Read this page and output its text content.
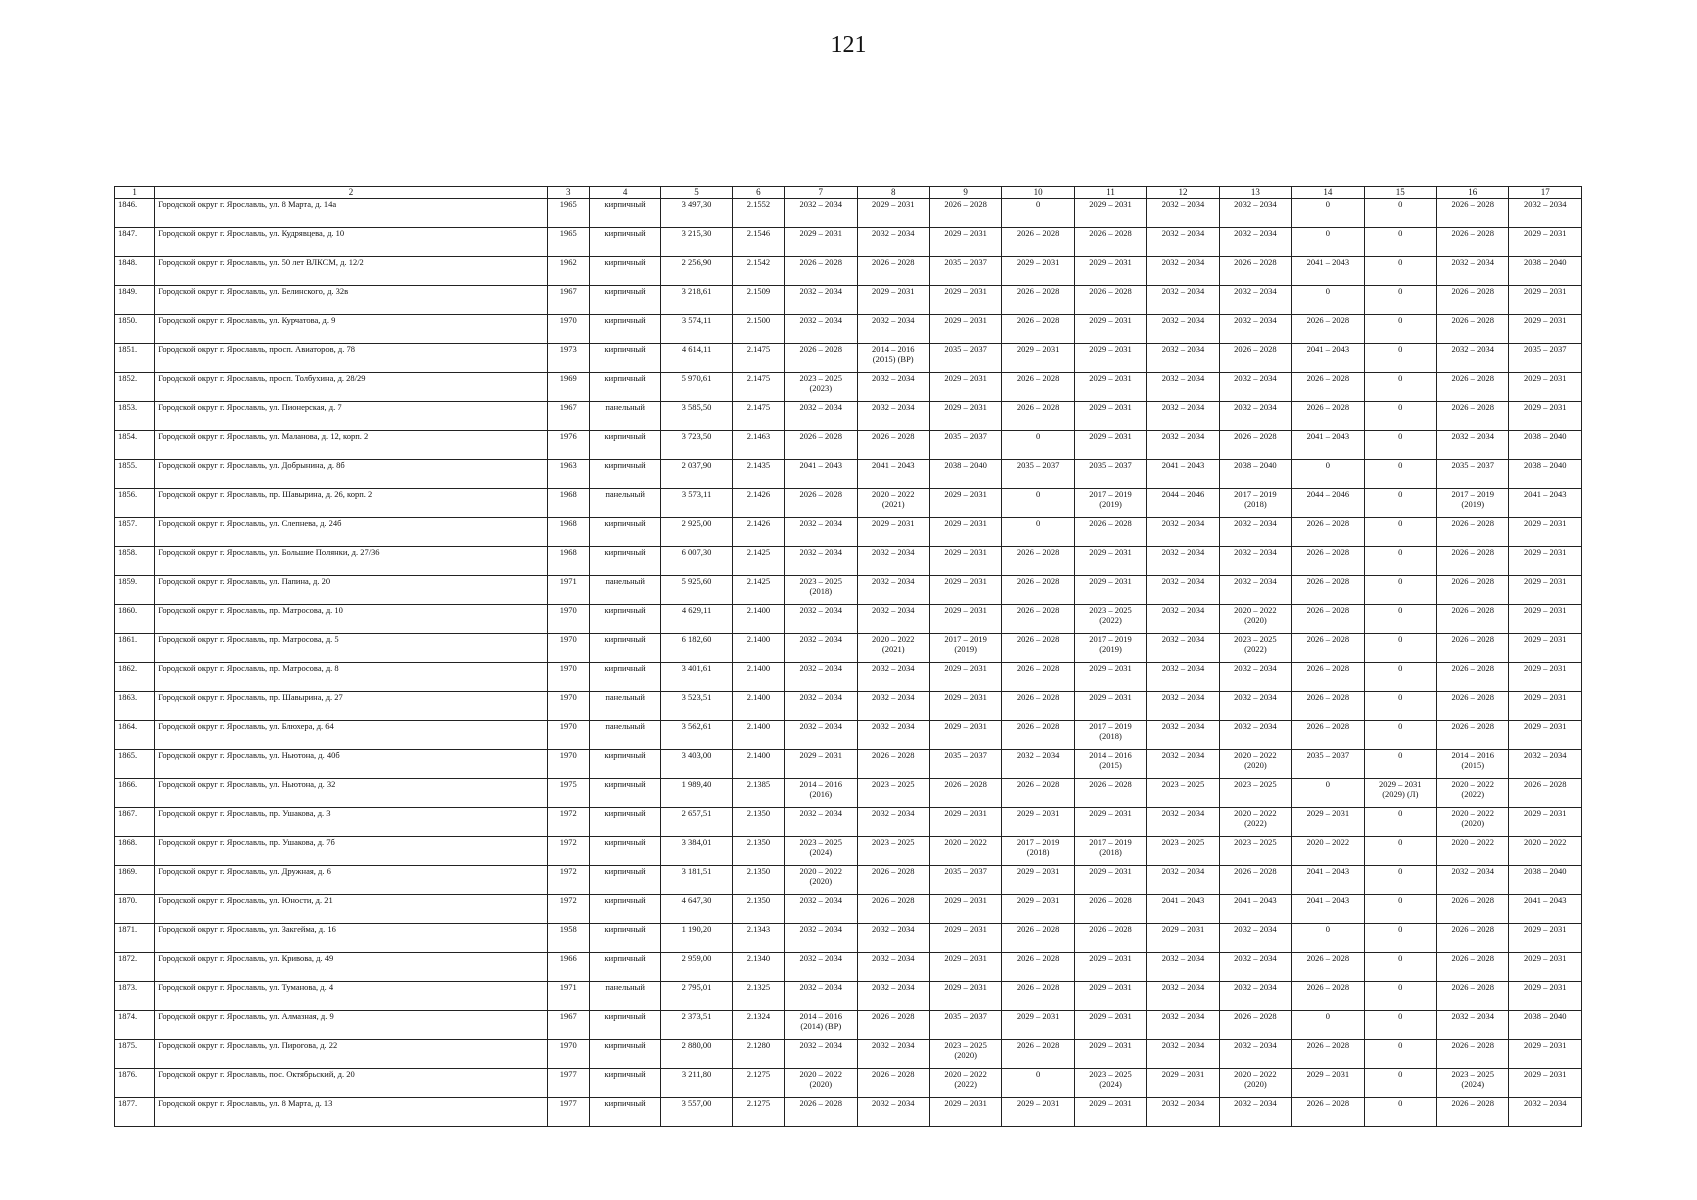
121
1	2	3	4	5	6	7	8	9	10	11	12	13	14	15	16	17

1846.	Городской округ г. Ярославль, ул. 8 Марта, д. 14а	1965	кирпичный	3 497,30	2.1552	2032 – 2034	2029 – 2031	2026 – 2028	0	2029 – 2031	2032 – 2034	2032 – 2034	0	0	2026 – 2028	2032 – 2034

1847.	Городской округ г. Ярославль, ул. Кудрявцева, д. 10	1965	кирпичный	3 215,30	2.1546	2029 – 2031	2032 – 2034	2029 – 2031	2026 – 2028	2026 – 2028	2032 – 2034	2032 – 2034	0	0	2026 – 2028	2029 – 2031

1848.	Городской округ г. Ярославль, ул. 50 лет ВЛКСМ, д. 12/2	1962	кирпичный	2 256,90	2.1542	2026 – 2028	2026 – 2028	2035 – 2037	2029 – 2031	2029 – 2031	2032 – 2034	2026 – 2028	2041 – 2043	0	2032 – 2034	2038 – 2040

1849.	Городской округ г. Ярославль, ул. Белинского, д. 32в	1967	кирпичный	3 218,61	2.1509	2032 – 2034	2029 – 2031	2029 – 2031	2026 – 2028	2026 – 2028	2032 – 2034	2032 – 2034	0	0	2026 – 2028	2029 – 2031

1850.	Городской округ г. Ярославль, ул. Курчатова, д. 9	1970	кирпичный	3 574,11	2.1500	2032 – 2034	2032 – 2034	2029 – 2031	2026 – 2028	2029 – 2031	2032 – 2034	2032 – 2034	2026 – 2028	0	2026 – 2028	2029 – 2031

1851.	Городской округ г. Ярославль, просп. Авиаторов, д. 78	1973	кирпичный	4 614,11	2.1475	2026 – 2028	2014 – 2016
(2015) (ВР)	2035 – 2037	2029 – 2031	2029 – 2031	2032 – 2034	2026 – 2028	2041 – 2043	0	2032 – 2034	2035 – 2037

1852.	Городской округ г. Ярославль, просп. Толбухина, д. 28/29	1969	кирпичный	5 970,61	2.1475	2023 – 2025
(2023)	2032 – 2034	2029 – 2031	2026 – 2028	2029 – 2031	2032 – 2034	2032 – 2034	2026 – 2028	0	2026 – 2028	2029 – 2031

1853.	Городской округ г. Ярославль, ул. Пионерская, д. 7	1967	панельный	3 585,50	2.1475	2032 – 2034	2032 – 2034	2029 – 2031	2026 – 2028	2029 – 2031	2032 – 2034	2032 – 2034	2026 – 2028	0	2026 – 2028	2029 – 2031

1854.	Городской округ г. Ярославль, ул. Маланова, д. 12, корп. 2	1976	кирпичный	3 723,50	2.1463	2026 – 2028	2026 – 2028	2035 – 2037	0	2029 – 2031	2032 – 2034	2026 – 2028	2041 – 2043	0	2032 – 2034	2038 – 2040

1855.	Городской округ г. Ярославль, ул. Добрынина, д. 8б	1963	кирпичный	2 037,90	2.1435	2041 – 2043	2041 – 2043	2038 – 2040	2035 – 2037	2035 – 2037	2041 – 2043	2038 – 2040	0	0	2035 – 2037	2038 – 2040

1856.	Городской округ г. Ярославль, пр. Шавырина, д. 26, корп. 2	1968	панельный	3 573,11	2.1426	2026 – 2028	2020 – 2022
(2021)	2029 – 2031	0	2017 – 2019
(2019)	2044 – 2046	2017 – 2019
(2018)	2044 – 2046	0	2017 – 2019
(2019)	2041 – 2043

1857.	Городской округ г. Ярославль, ул. Слепнева, д. 24б	1968	кирпичный	2 925,00	2.1426	2032 – 2034	2029 – 2031	2029 – 2031	0	2026 – 2028	2032 – 2034	2032 – 2034	2026 – 2028	0	2026 – 2028	2029 – 2031

1858.	Городской округ г. Ярославль, ул. Большие Полянки, д. 27/36	1968	кирпичный	6 007,30	2.1425	2032 – 2034	2032 – 2034	2029 – 2031	2026 – 2028	2029 – 2031	2032 – 2034	2032 – 2034	2026 – 2028	0	2026 – 2028	2029 – 2031

1859.	Городской округ г. Ярославль, ул. Папина, д. 20	1971	панельный	5 925,60	2.1425	2023 – 2025
(2018)	2032 – 2034	2029 – 2031	2026 – 2028	2029 – 2031	2032 – 2034	2032 – 2034	2026 – 2028	0	2026 – 2028	2029 – 2031

1860.	Городской округ г. Ярославль, пр. Матросова, д. 10	1970	кирпичный	4 629,11	2.1400	2032 – 2034	2032 – 2034	2029 – 2031	2026 – 2028	2023 – 2025
(2022)	2032 – 2034	2020 – 2022
(2020)	2026 – 2028	0	2026 – 2028	2029 – 2031

1861.	Городской округ г. Ярославль, пр. Матросова, д. 5	1970	кирпичный	6 182,60	2.1400	2032 – 2034	2020 – 2022
(2021)	2017 – 2019
(2019)	2026 – 2028	2017 – 2019
(2019)	2032 – 2034	2023 – 2025
(2022)	2026 – 2028	0	2026 – 2028	2029 – 2031

1862.	Городской округ г. Ярославль, пр. Матросова, д. 8	1970	кирпичный	3 401,61	2.1400	2032 – 2034	2032 – 2034	2029 – 2031	2026 – 2028	2029 – 2031	2032 – 2034	2032 – 2034	2026 – 2028	0	2026 – 2028	2029 – 2031

1863.	Городской округ г. Ярославль, пр. Шавырина, д. 27	1970	панельный	3 523,51	2.1400	2032 – 2034	2032 – 2034	2029 – 2031	2026 – 2028	2029 – 2031	2032 – 2034	2032 – 2034	2026 – 2028	0	2026 – 2028	2029 – 2031

1864.	Городской округ г. Ярославль, ул. Блюхера, д. 64	1970	панельный	3 562,61	2.1400	2032 – 2034	2032 – 2034	2029 – 2031	2026 – 2028	2017 – 2019
(2018)	2032 – 2034	2032 – 2034	2026 – 2028	0	2026 – 2028	2029 – 2031

1865.	Городской округ г. Ярославль, ул. Ньютона, д. 40б	1970	кирпичный	3 403,00	2.1400	2029 – 2031	2026 – 2028	2035 – 2037	2032 – 2034	2014 – 2016
(2015)	2032 – 2034	2020 – 2022
(2020)	2035 – 2037	0	2014 – 2016
(2015)	2032 – 2034

1866.	Городской округ г. Ярославль, ул. Ньютона, д. 32	1975	кирпичный	1 989,40	2.1385	2014 – 2016
(2016)	2023 – 2025	2026 – 2028	2026 – 2028	2026 – 2028	2023 – 2025	2023 – 2025	0	2029 – 2031
(2029) (Л)	2020 – 2022
(2022)	2026 – 2028

1867.	Городской округ г. Ярославль, пр. Ушакова, д. 3	1972	кирпичный	2 657,51	2.1350	2032 – 2034	2032 – 2034	2029 – 2031	2029 – 2031	2029 – 2031	2032 – 2034	2020 – 2022
(2022)	2029 – 2031	0	2020 – 2022
(2020)	2029 – 2031

1868.	Городской округ г. Ярославль, пр. Ушакова, д. 7б	1972	кирпичный	3 384,01	2.1350	2023 – 2025
(2024)	2023 – 2025	2020 – 2022	2017 – 2019
(2018)	2017 – 2019
(2018)	2023 – 2025	2023 – 2025	2020 – 2022	0	2020 – 2022	2020 – 2022

1869.	Городской округ г. Ярославль, ул. Дружная, д. 6	1972	кирпичный	3 181,51	2.1350	2020 – 2022
(2020)	2026 – 2028	2035 – 2037	2029 – 2031	2029 – 2031	2032 – 2034	2026 – 2028	2041 – 2043	0	2032 – 2034	2038 – 2040

1870.	Городской округ г. Ярославль, ул. Юности, д. 21	1972	кирпичный	4 647,30	2.1350	2032 – 2034	2026 – 2028	2029 – 2031	2029 – 2031	2026 – 2028	2041 – 2043	2041 – 2043	2041 – 2043	0	2026 – 2028	2041 – 2043

1871.	Городской округ г. Ярославль, ул. Закгейма, д. 16	1958	кирпичный	1 190,20	2.1343	2032 – 2034	2032 – 2034	2029 – 2031	2026 – 2028	2026 – 2028	2029 – 2031	2032 – 2034	0	0	2026 – 2028	2029 – 2031

1872.	Городской округ г. Ярославль, ул. Кривова, д. 49	1966	кирпичный	2 959,00	2.1340	2032 – 2034	2032 – 2034	2029 – 2031	2026 – 2028	2029 – 2031	2032 – 2034	2032 – 2034	2026 – 2028	0	2026 – 2028	2029 – 2031

1873.	Городской округ г. Ярославль, ул. Туманова, д. 4	1971	панельный	2 795,01	2.1325	2032 – 2034	2032 – 2034	2029 – 2031	2026 – 2028	2029 – 2031	2032 – 2034	2032 – 2034	2026 – 2028	0	2026 – 2028	2029 – 2031

1874.	Городской округ г. Ярославль, ул. Алмазная, д. 9	1967	кирпичный	2 373,51	2.1324	2014 – 2016
(2014) (ВР)	2026 – 2028	2035 – 2037	2029 – 2031	2029 – 2031	2032 – 2034	2026 – 2028	0	0	2032 – 2034	2038 – 2040

1875.	Городской округ г. Ярославль, ул. Пирогова, д. 22	1970	кирпичный	2 880,00	2.1280	2032 – 2034	2032 – 2034	2023 – 2025
(2020)	2026 – 2028	2029 – 2031	2032 – 2034	2032 – 2034	2026 – 2028	0	2026 – 2028	2029 – 2031

1876.	Городской округ г. Ярославль, пос. Октябрьский, д. 20	1977	кирпичный	3 211,80	2.1275	2020 – 2022
(2020)	2026 – 2028	2020 – 2022
(2022)	0	2023 – 2025
(2024)	2029 – 2031	2020 – 2022
(2020)	2029 – 2031	0	2023 – 2025
(2024)	2029 – 2031

1877.	Городской округ г. Ярославль, ул. 8 Марта, д. 13	1977	кирпичный	3 557,00	2.1275	2026 – 2028	2032 – 2034	2029 – 2031	2029 – 2031	2029 – 2031	2032 – 2034	2032 – 2034	2026 – 2028	0	2026 – 2028	2032 – 2034
